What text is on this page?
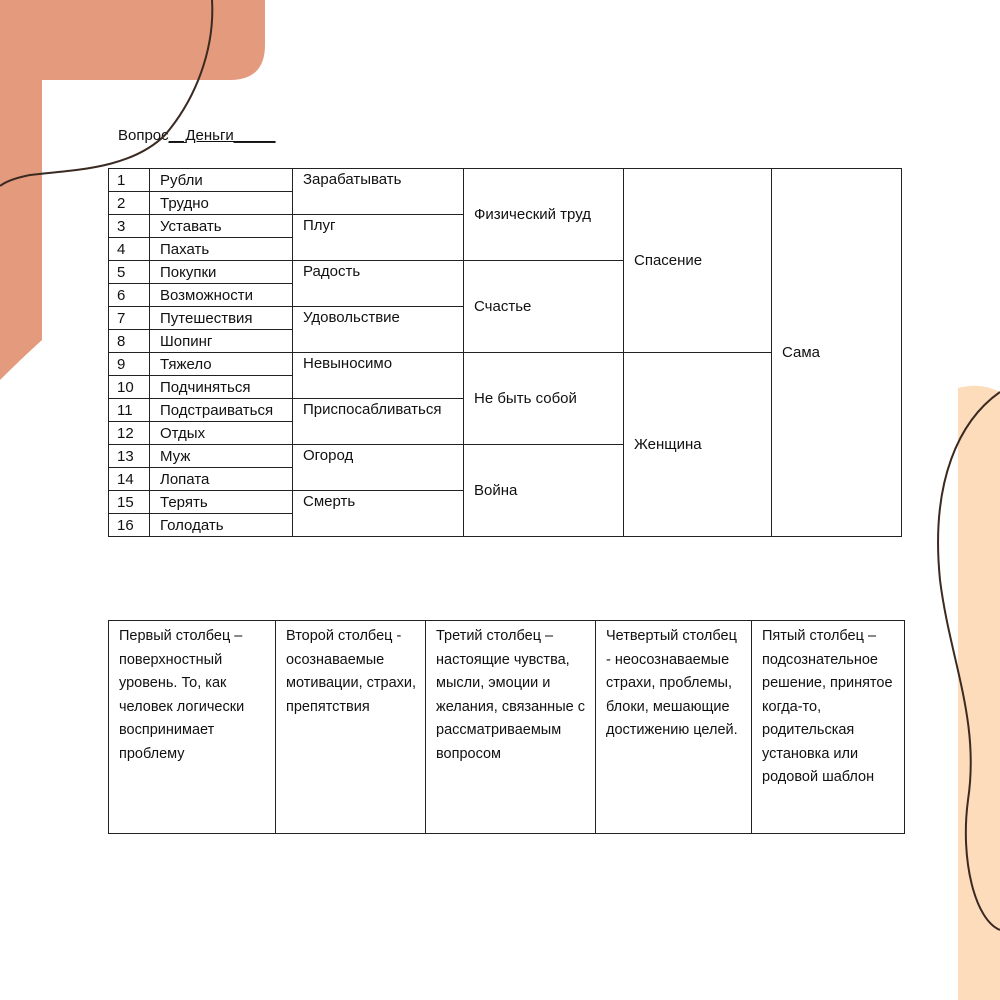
Вопрос__Деньги_____
1	Рубли	Зарабатывать	Физический труд	Спасение	Сама
2	Трудно				
3	Уставать	Плуг			
4	Пахать				
5	Покупки	Радость	Счастье		
6	Возможности				
7	Путешествия	Удовольствие			
8	Шопинг				
9	Тяжело	Невыносимо	Не быть собой	Женщина	
10	Подчиняться				
11	Подстраиваться	Приспосабливаться			
12	Отдых				
13	Муж	Огород	Война		
14	Лопата				
15	Терять	Смерть			
16	Голодать				
Первый столбец – поверхностный уровень. То, как человек логически воспринимает проблему	Второй столбец - осознаваемые мотивации, страхи, препятствия	Третий столбец – настоящие чувства, мысли, эмоции и желания, связанные с рассматриваемым вопросом	Четвертый столбец - неосознаваемые страхи, проблемы, блоки, мешающие достижению целей.	Пятый столбец – подсознательное решение, принятое когда-то, родительская установка или родовой шаблон
